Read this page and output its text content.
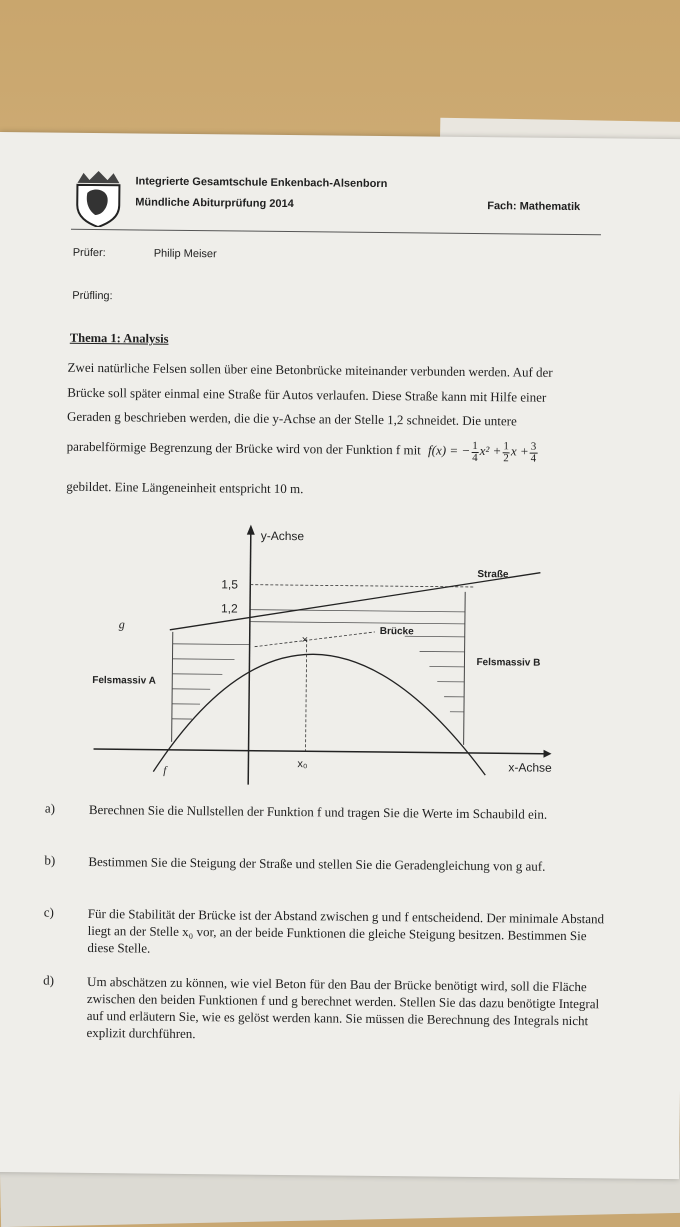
Integrierte Gesamtschule Enkenbach-Alsenborn
Mündliche Abiturprüfung 2014	Fach: Mathematik
Prüfer:	Philip Meiser
Prüfling:
Thema 1: Analysis
Zwei natürliche Felsen sollen über eine Betonbrücke miteinander verbunden werden. Auf der
Brücke soll später einmal eine Straße für Autos verlaufen. Diese Straße kann mit Hilfe einer
Geraden g beschrieben werden, die die y-Achse an der Stelle 1,2 schneidet. Die untere
parabelförmige Begrenzung der Brücke wird von der Funktion f mit f(x) = − $\frac{1}{4} x^2 + \frac{1}{2}$ $x + \frac{3}{4}$
gebildet. Eine Längeneinheit entspricht 10 m.
×
y-Achse
x-Achse
1,5
1,2
Straße
g
Brücke
Felsmassiv A
Felsmassiv B
x₀
f
a)	Berechnen Sie die Nullstellen der Funktion f und tragen Sie die Werte im Schaubild ein.
b)	Bestimmen Sie die Steigung der Straße und stellen Sie die Geradengleichung von g auf.
c)	Für die Stabilität der Brücke ist der Abstand zwischen g und f entscheidend. Der minimale Abstand liegt an der Stelle x₀ vor, an der beide Funktionen die gleiche Steigung besitzen. Bestimmen Sie diese Stelle.
d)	Um abschätzen zu können, wie viel Beton für den Bau der Brücke benötigt wird, soll die Fläche zwischen den beiden Funktionen f und g berechnet werden. Stellen Sie das dazu benötigte Integral auf und erläutern Sie, wie es gelöst werden kann. Sie müssen die Berechnung des Integrals nicht explizit durchführen.
